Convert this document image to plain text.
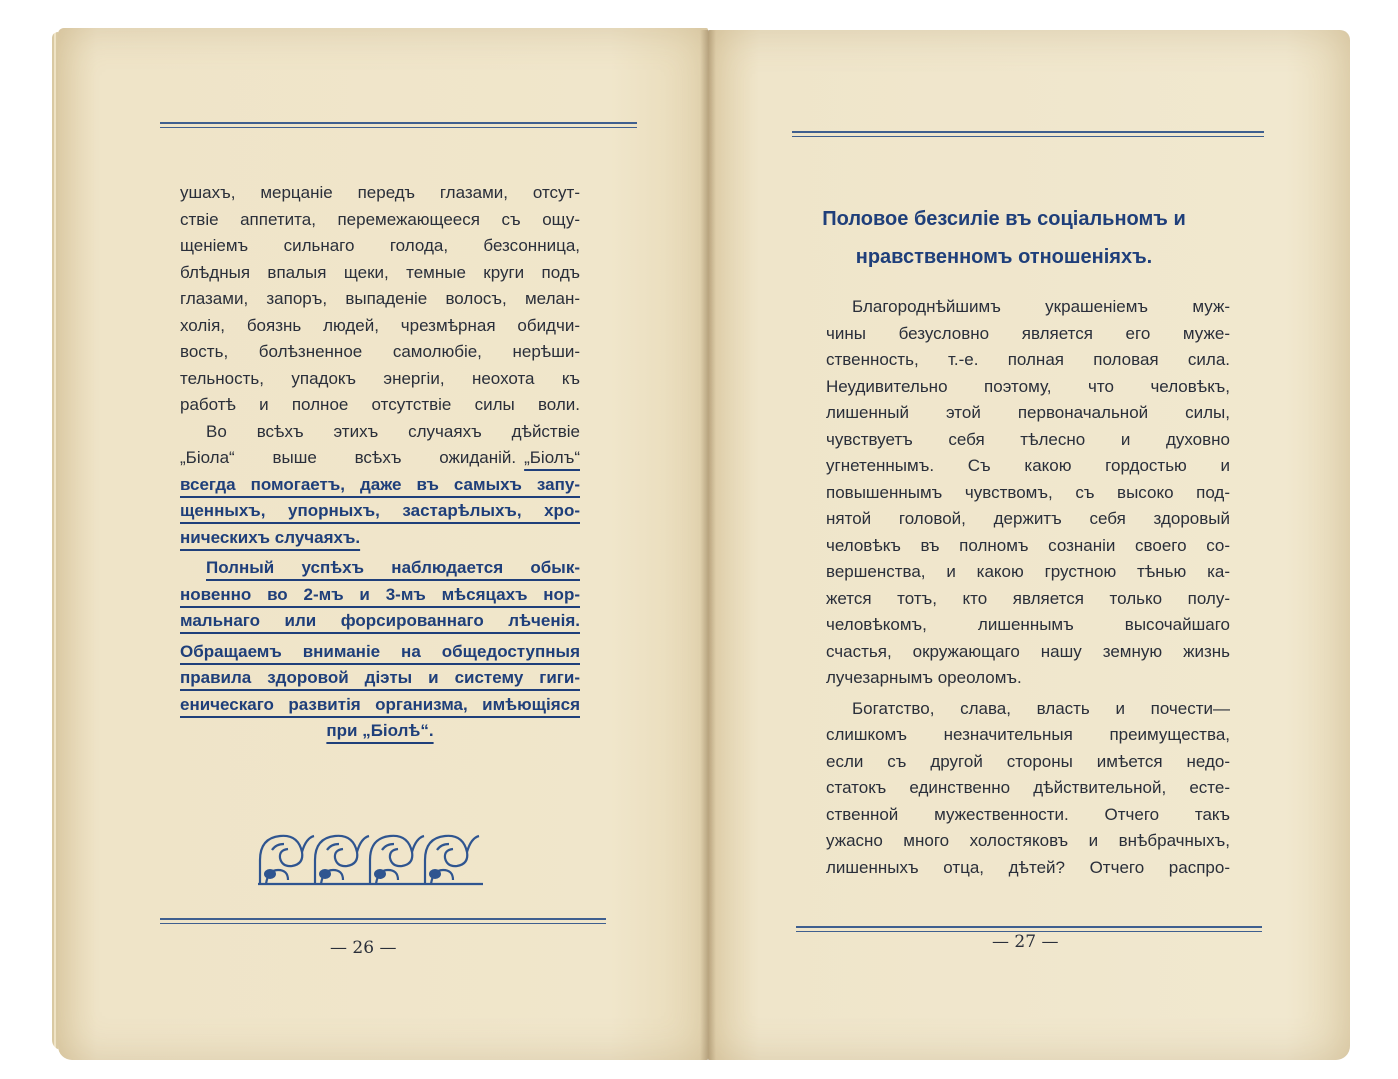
ушахъ, мерцаніе передъ глазами, отсут-
ствіе аппетита, перемежающееся съ ощу-
щеніемъ сильнаго голода, безсонница,
блѣдныя впалыя щеки, темные круги подъ
глазами, запоръ, выпаденіе волосъ, мелан-
холія, боязнь людей, чрезмѣрная обидчи-
вость, болѣзненное самолюбіе, нерѣши-
тельность, упадокъ энергіи, неохота къ
работѣ и полное отсутствіе силы воли.
Во всѣхъ этихъ случаяхъ дѣйствіе
„Біола“ выше всѣхъ ожиданій. „Біолъ“
всегда помогаетъ, даже въ самыхъ запу-
щенныхъ, упорныхъ, застарѣлыхъ, хро-
ническихъ случаяхъ.
Полный успѣхъ наблюдается обык-
новенно во 2-мъ и 3-мъ мѣсяцахъ нор-
мальнаго или форсированнаго лѣченія.
Обращаемъ вниманіе на общедоступныя
правила здоровой діэты и систему гиги-
еническаго развитія организма, имѣющіяся
при „Біолѣ“.
— 26 —
Половое безсиліе въ соціальномъ и
нравственномъ отношеніяхъ.
Благороднѣйшимъ украшеніемъ муж-
чины безусловно является его муже-
ственность, т.-е. полная половая сила.
Неудивительно поэтому, что человѣкъ,
лишенный этой первоначальной силы,
чувствуетъ себя тѣлесно и духовно
угнетеннымъ. Съ какою гордостью и
повышеннымъ чувствомъ, съ высоко под-
нятой головой, держитъ себя здоровый
человѣкъ въ полномъ сознаніи своего со-
вершенства, и какою грустною тѣнью ка-
жется тотъ, кто является только полу-
человѣкомъ, лишеннымъ высочайшаго
счастья, окружающаго нашу земную жизнь
лучезарнымъ ореоломъ.
Богатство, слава, власть и почести—
слишкомъ незначительныя преимущества,
если съ другой стороны имѣется недо-
статокъ единственно дѣйствительной, есте-
ственной мужественности. Отчего такъ
ужасно много холостяковъ и внѣбрачныхъ,
лишенныхъ отца, дѣтей? Отчего распро-
— 27 —
